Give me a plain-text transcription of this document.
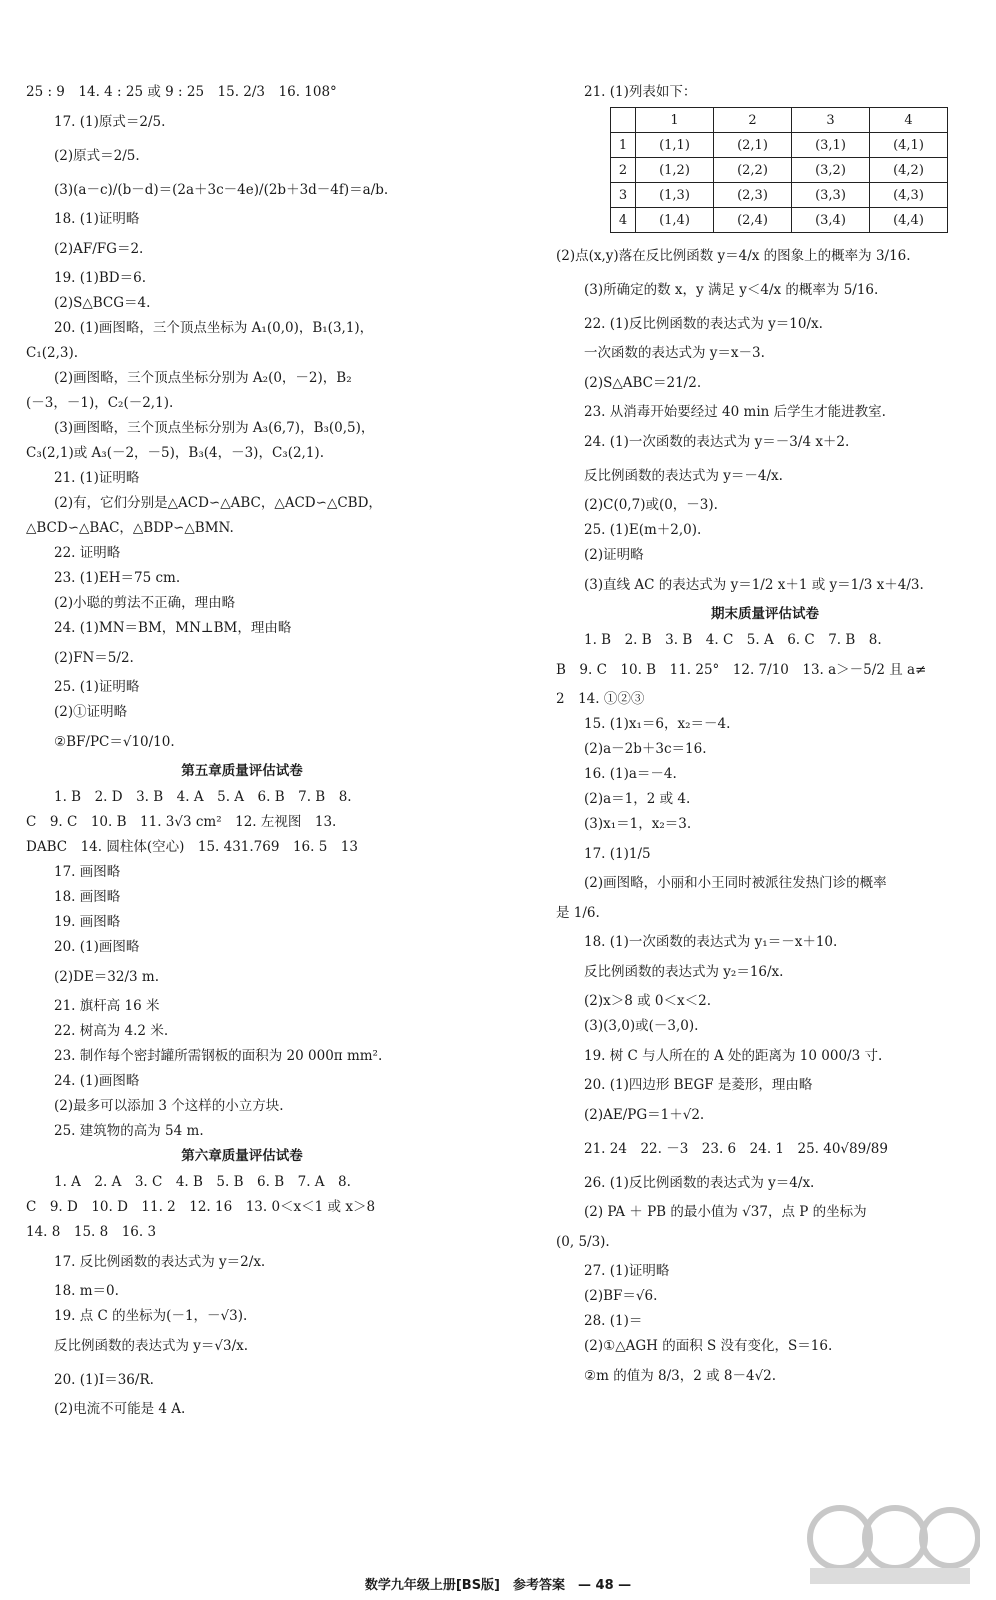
25 : 9　14. 4 : 25 或 9 : 25　15. 2/3　16. 108°
17. (1)原式＝2/5.
(2)原式＝2/5.
(3)(a－c)/(b－d)＝(2a＋3c－4e)/(2b＋3d－4f)＝a/b.
18. (1)证明略
(2)AF/FG＝2.
19. (1)BD＝6.
(2)S△BCG＝4.
20. (1)画图略，三个顶点坐标为 A₁(0,0)，B₁(3,1)，
C₁(2,3).
(2)画图略，三个顶点坐标分别为 A₂(0，－2)，B₂
(－3，－1)，C₂(－2,1).
(3)画图略，三个顶点坐标分别为 A₃(6,7)，B₃(0,5)，
C₃(2,1)或 A₃(－2，－5)，B₃(4，－3)，C₃(2,1).
21. (1)证明略
(2)有，它们分别是△ACD∽△ABC，△ACD∽△CBD，
△BCD∽△BAC，△BDP∽△BMN.
22. 证明略
23. (1)EH＝75 cm.
(2)小聪的剪法不正确，理由略
24. (1)MN＝BM，MN⊥BM，理由略
(2)FN＝5/2.
25. (1)证明略
(2)①证明略
②BF/PC＝√10/10.
第五章质量评估试卷
1. B　2. D　3. B　4. A　5. A　6. B　7. B　8.
C　9. C　10. B　11. 3√3 cm²　12. 左视图　13.
DABC　14. 圆柱体(空心)　15. 431.769　16. 5　13
17. 画图略
18. 画图略
19. 画图略
20. (1)画图略
(2)DE＝32/3 m.
21. 旗杆高 16 米
22. 树高为 4.2 米.
23. 制作每个密封罐所需钢板的面积为 20 000π mm².
24. (1)画图略
(2)最多可以添加 3 个这样的小立方块.
25. 建筑物的高为 54 m.
第六章质量评估试卷
1. A　2. A　3. C　4. B　5. B　6. B　7. A　8.
C　9. D　10. D　11. 2　12. 16　13. 0＜x＜1 或 x＞8
14. 8　15. 8　16. 3
17. 反比例函数的表达式为 y＝2/x.
18. m＝0.
19. 点 C 的坐标为(－1，－√3).
反比例函数的表达式为 y＝√3/x.
20. (1)I＝36/R.
(2)电流不可能是 4 A.
21. (1)列表如下：
	1	2	3	4
1	(1,1)	(2,1)	(3,1)	(4,1)
2	(1,2)	(2,2)	(3,2)	(4,2)
3	(1,3)	(2,3)	(3,3)	(4,3)
4	(1,4)	(2,4)	(3,4)	(4,4)
(2)点(x,y)落在反比例函数 y＝4/x 的图象上的概率为 3/16.
(3)所确定的数 x，y 满足 y＜4/x 的概率为 5/16.
22. (1)反比例函数的表达式为 y＝10/x.
一次函数的表达式为 y＝x－3.
(2)S△ABC＝21/2.
23. 从消毒开始要经过 40 min 后学生才能进教室.
24. (1)一次函数的表达式为 y＝－3/4 x＋2.
反比例函数的表达式为 y＝－4/x.
(2)C(0,7)或(0，－3).
25. (1)E(m＋2,0).
(2)证明略
(3)直线 AC 的表达式为 y＝1/2 x＋1 或 y＝1/3 x＋4/3.
期末质量评估试卷
1. B　2. B　3. B　4. C　5. A　6. C　7. B　8.
B　9. C　10. B　11. 25°　12. 7/10　13. a＞－5/2 且 a≠
2　14. ①②③
15. (1)x₁＝6，x₂＝－4.
(2)a－2b＋3c＝16.
16. (1)a＝－4.
(2)a＝1，2 或 4.
(3)x₁＝1，x₂＝3.
17. (1)1/5
(2)画图略，小丽和小王同时被派往发热门诊的概率
是 1/6.
18. (1)一次函数的表达式为 y₁＝－x＋10.
反比例函数的表达式为 y₂＝16/x.
(2)x＞8 或 0＜x＜2.
(3)(3,0)或(－3,0).
19. 树 C 与人所在的 A 处的距离为 10 000/3 寸.
20. (1)四边形 BEGF 是菱形，理由略
(2)AE/PG＝1＋√2.
21. 24　22. －3　23. 6　24. 1　25. 40√89/89
26. (1)反比例函数的表达式为 y＝4/x.
(2) PA ＋ PB 的最小值为 √37，点 P 的坐标为
(0, 5/3).
27. (1)证明略
(2)BF＝√6.
28. (1)＝
(2)①△AGH 的面积 S 没有变化，S＝16.
②m 的值为 8/3，2 或 8－4√2.
数学九年级上册[BS版]　参考答案　— 48 —
